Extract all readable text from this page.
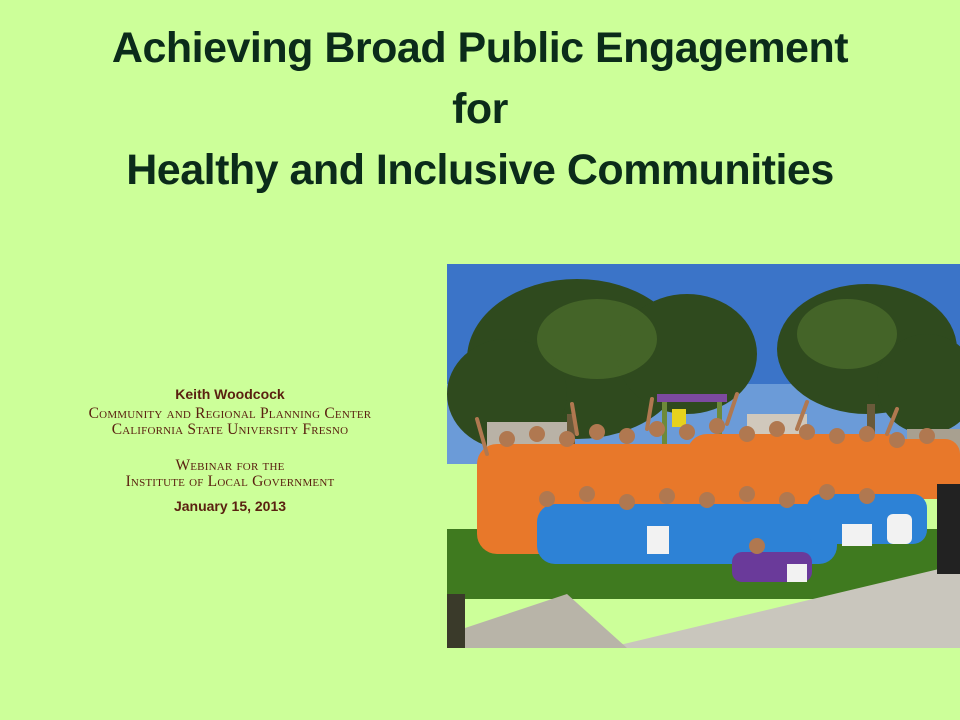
Achieving Broad Public Engagement
for
Healthy and Inclusive Communities
Keith Woodcock
Community and Regional Planning Center
California State University Fresno
Webinar for the
Institute of Local Government
January 15, 2013
